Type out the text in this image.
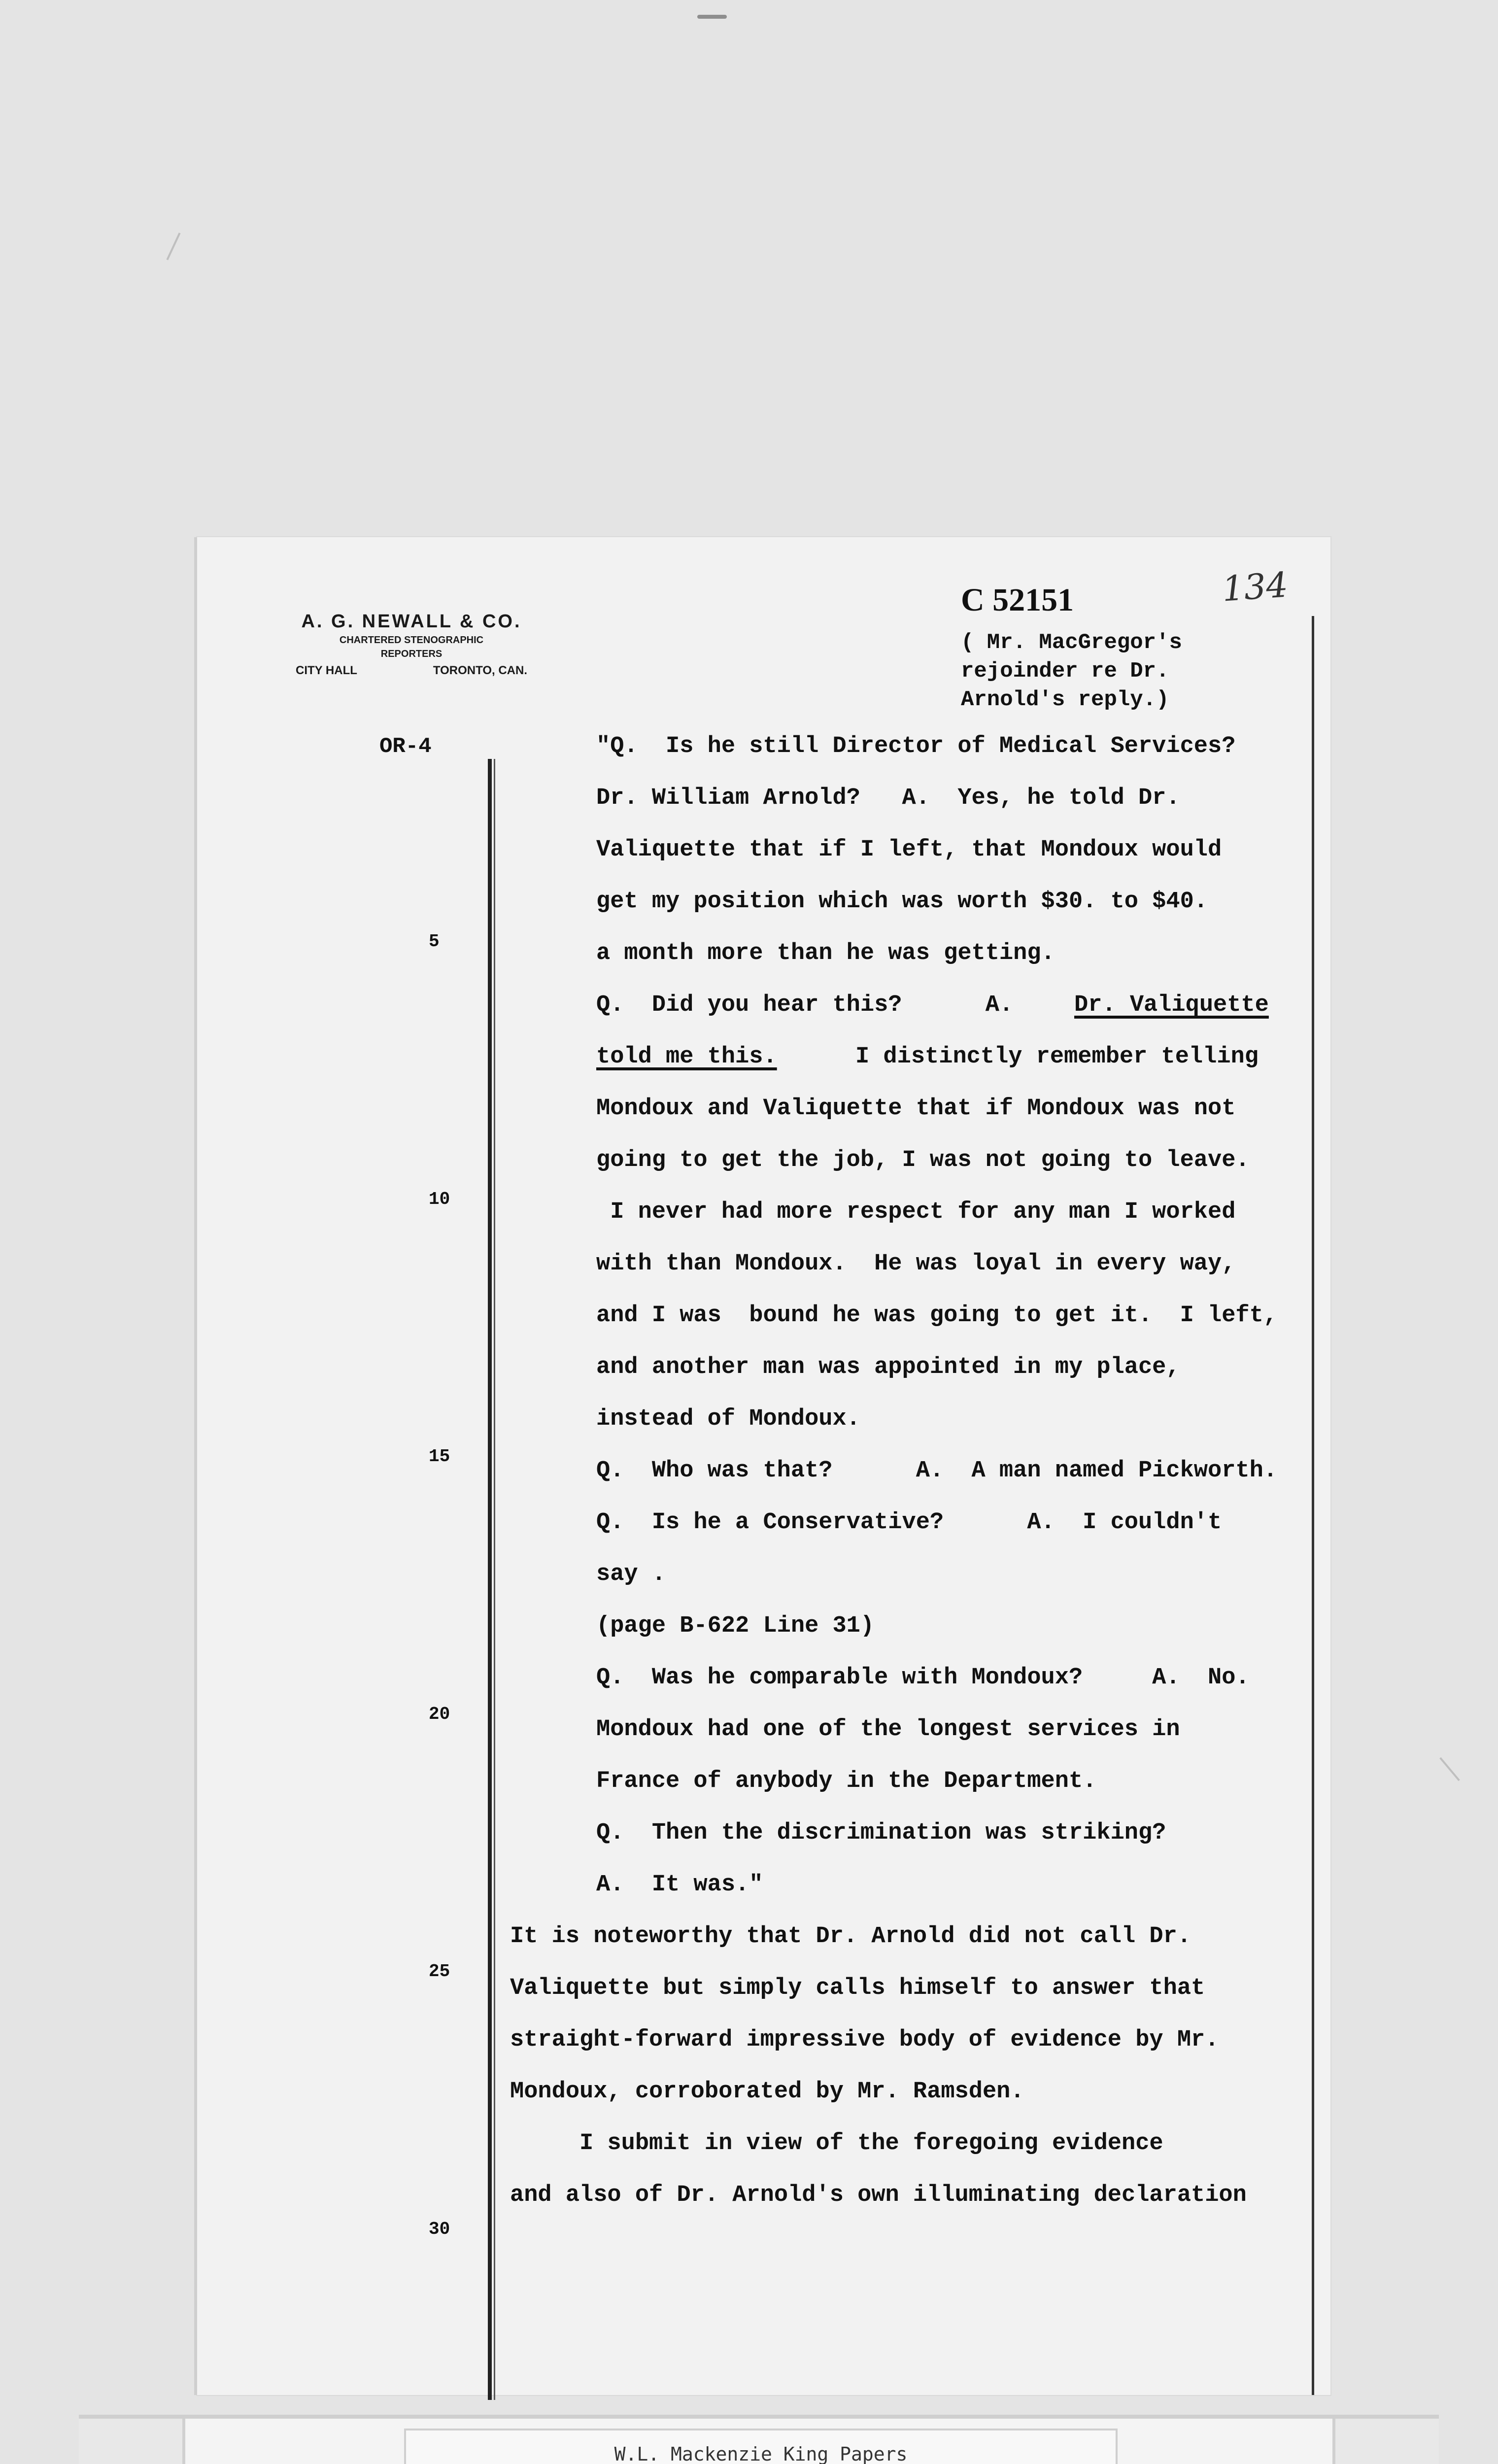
A. G. NEWALL & CO.
CHARTERED STENOGRAPHIC
REPORTERS
CITY HALL	TORONTO, CAN.
C 52151	134
( Mr. MacGregor's
rejoinder re Dr.
Arnold's reply.)
OR-4
5
10
15
20
25
30
"Q.  Is he still Director of Medical Services?
Dr. William Arnold?   A.  Yes, he told Dr.
Valiquette that if I left, that Mondoux would
get my position which was worth $30. to $40.
a month more than he was getting.
Q.  Did you hear this?      A. Dr. Valiquette
told me this. I distinctly remember telling
Mondoux and Valiquette that if Mondoux was not
going to get the job, I was not going to leave.
I never had more respect for any man I worked
with than Mondoux.  He was loyal in every way,
and I was  bound he was going to get it.  I left,
and another man was appointed in my place,
instead of Mondoux.
Q.  Who was that?      A.  A man named Pickworth.
Q.  Is he a Conservative?      A.  I couldn't
say .
(page B-622 Line 31)
Q.  Was he comparable with Mondoux?     A.  No.
Mondoux had one of the longest services in
France of anybody in the Department.
Q.  Then the discrimination was striking?
A.  It was."
It is noteworthy that Dr. Arnold did not call Dr.
Valiquette but simply calls himself to answer that
straight-forward impressive body of evidence by Mr.
Mondoux, corroborated by Mr. Ramsden.
I submit in view of the foregoing evidence
and also of Dr. Arnold's own illuminating declaration
W.L. Mackenzie King Papers
